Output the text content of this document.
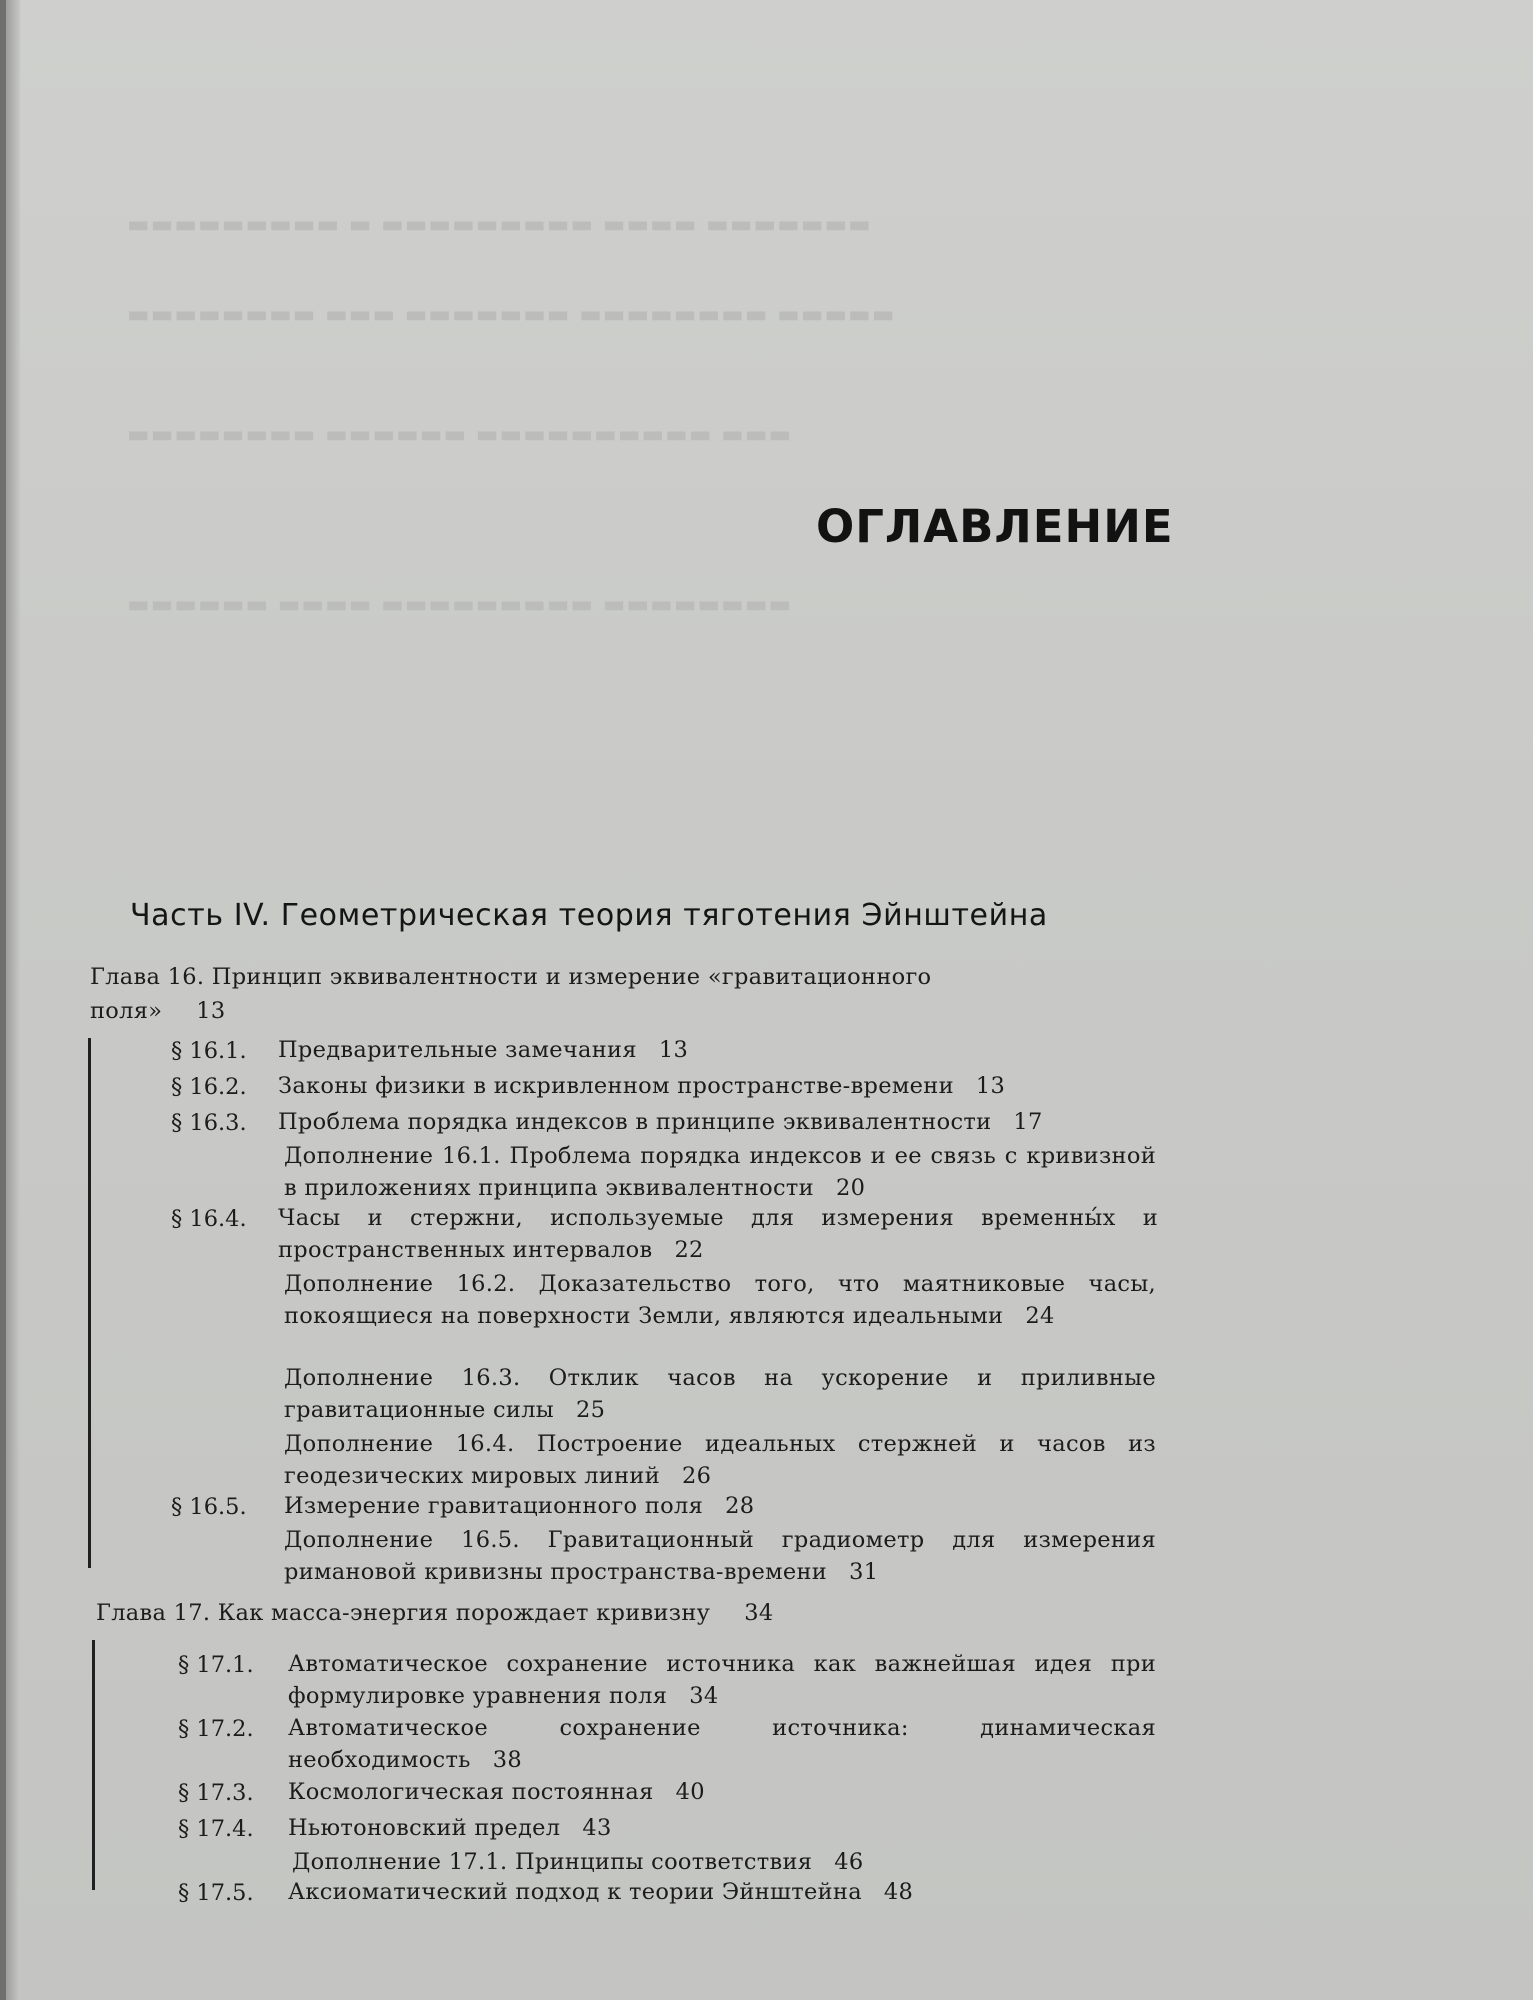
▬▬▬▬▬▬▬ ▬▬▬▬ ▬▬▬▬▬▬▬▬▬ ▬ ▬▬▬▬▬▬▬▬▬
▬▬▬▬▬ ▬▬▬▬▬▬▬▬ ▬▬▬▬▬▬▬ ▬▬▬ ▬▬▬▬▬▬▬▬
▬▬▬ ▬▬▬▬▬▬▬▬▬▬ ▬▬▬▬▬▬ ▬▬▬▬▬▬▬▬
▬▬▬▬▬▬▬▬ ▬▬▬▬▬▬▬▬▬ ▬▬▬▬ ▬▬▬▬▬▬
ОГЛАВЛЕНИЕ
Часть IV. Геометрическая теория тяготения Эйнштейна
Глава 16. Принцип эквивалентности и измерение «гравитационного
поля» 13
§ 16.1. Предварительные замечания 13
§ 16.2. Законы физики в искривленном пространстве-времени 13
§ 16.3. Проблема порядка индексов в принципе эквивалентности 17
Дополнение 16.1. Проблема порядка индексов и ее связь с кривизной в приложениях принципа эквивалентности 20
§ 16.4. Часы и стержни, используемые для измерения временны́х и пространственных интервалов 22
Дополнение 16.2. Доказательство того, что маятниковые часы, покоящиеся на поверхности Земли, являются идеальными 24
Дополнение 16.3. Отклик часов на ускорение и приливные гравитационные силы 25
Дополнение 16.4. Построение идеальных стержней и часов из геодезических мировых линий 26
§ 16.5. Измерение гравитационного поля 28
Дополнение 16.5. Гравитационный градиометр для измерения римановой кривизны пространства-времени 31
Глава 17. Как масса-энергия порождает кривизну 34
§ 17.1. Автоматическое сохранение источника как важнейшая идея при формулировке уравнения поля 34
§ 17.2. Автоматическое сохранение источника: динамическая необходимость 38
§ 17.3. Космологическая постоянная 40
§ 17.4. Ньютоновский предел 43
Дополнение 17.1. Принципы соответствия 46
§ 17.5. Аксиоматический подход к теории Эйнштейна 48
